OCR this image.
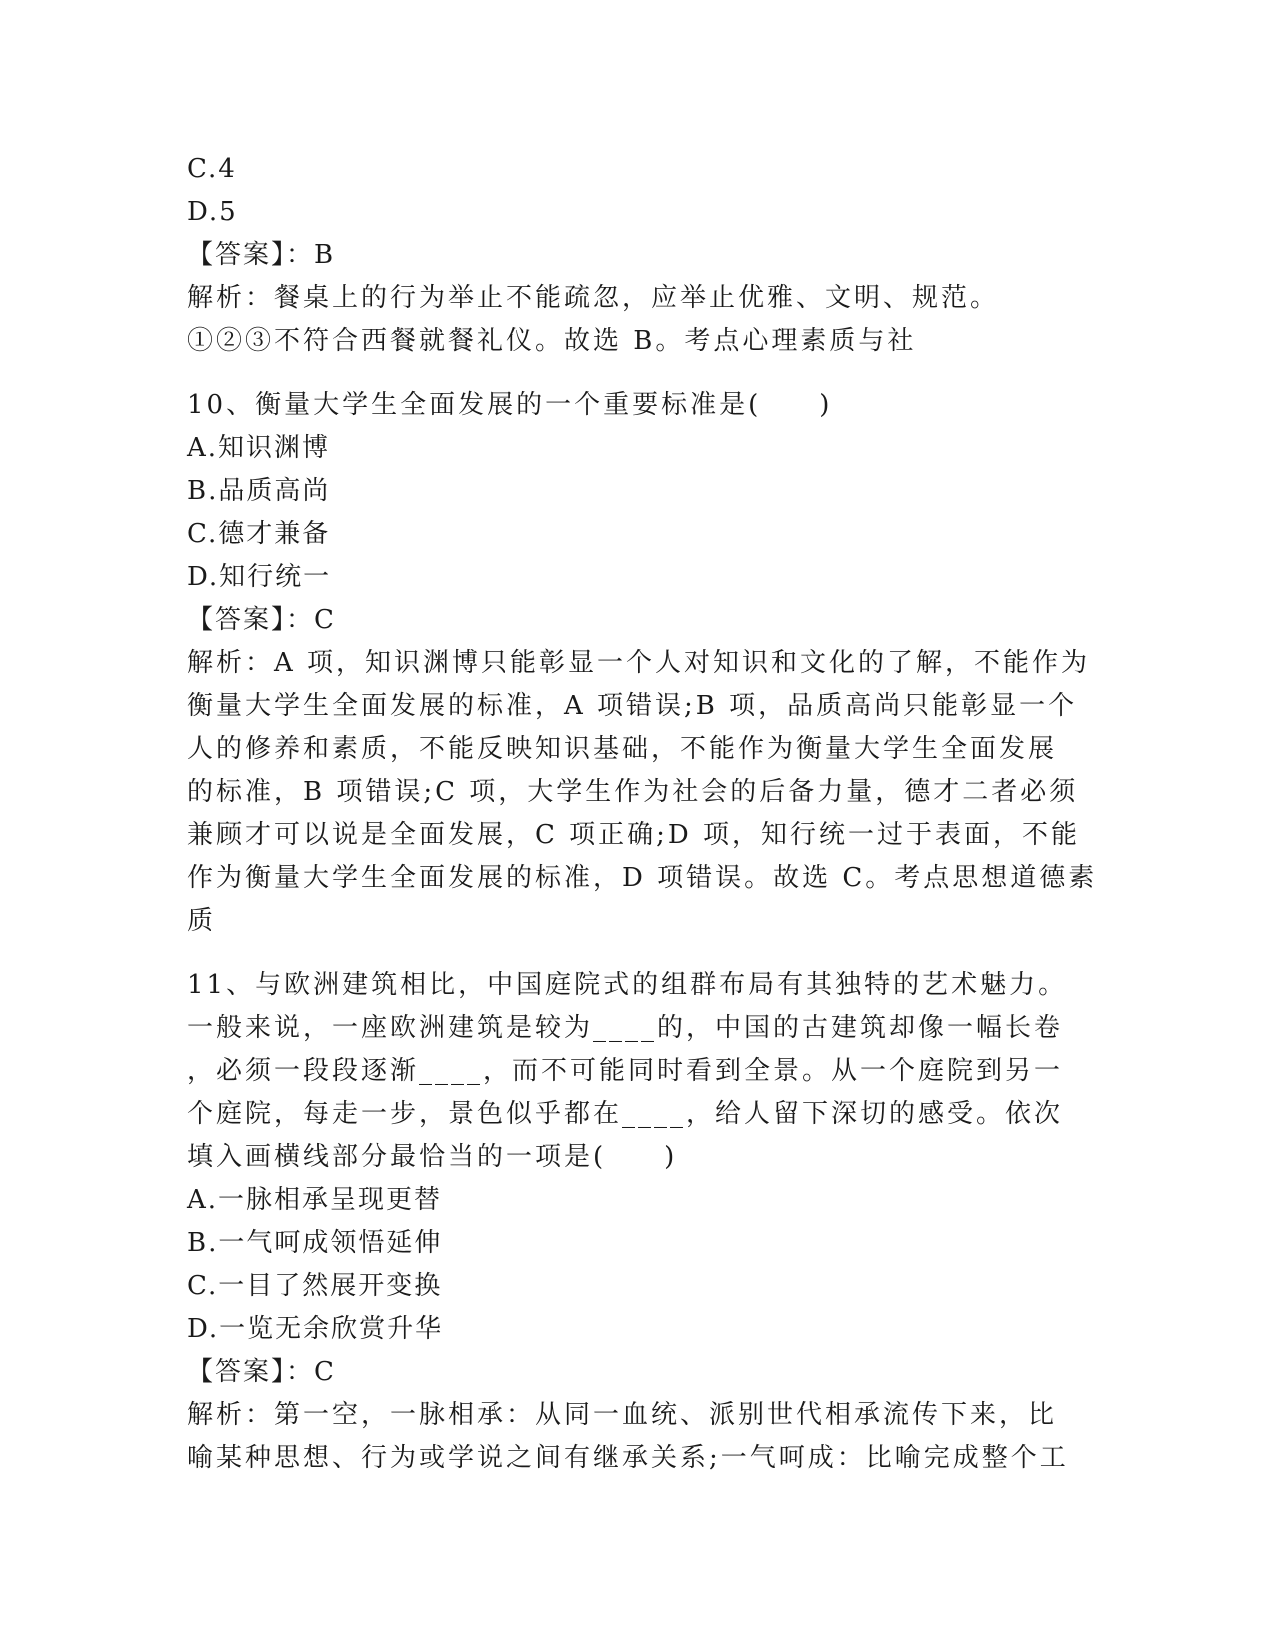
C.4
D.5
【答案】：B
解析：餐桌上的行为举止不能疏忽，应举止优雅、文明、规范。
①②③不符合西餐就餐礼仪。故选 B。考点心理素质与社
10、衡量大学生全面发展的一个重要标准是(　　)
A.知识渊博
B.品质高尚
C.德才兼备
D.知行统一
【答案】：C
解析：A 项，知识渊博只能彰显一个人对知识和文化的了解，不能作为
衡量大学生全面发展的标准，A 项错误;B 项，品质高尚只能彰显一个
人的修养和素质，不能反映知识基础，不能作为衡量大学生全面发展
的标准，B 项错误;C 项，大学生作为社会的后备力量，德才二者必须
兼顾才可以说是全面发展，C 项正确;D 项，知行统一过于表面，不能
作为衡量大学生全面发展的标准，D 项错误。故选 C。考点思想道德素
质
11、与欧洲建筑相比，中国庭院式的组群布局有其独特的艺术魅力。
一般来说，一座欧洲建筑是较为____的，中国的古建筑却像一幅长卷
，必须一段段逐渐____，而不可能同时看到全景。从一个庭院到另一
个庭院，每走一步，景色似乎都在____，给人留下深切的感受。依次
填入画横线部分最恰当的一项是(　　)
A.一脉相承呈现更替
B.一气呵成领悟延伸
C.一目了然展开变换
D.一览无余欣赏升华
【答案】：C
解析：第一空，一脉相承：从同一血统、派别世代相承流传下来，比
喻某种思想、行为或学说之间有继承关系;一气呵成：比喻完成整个工
